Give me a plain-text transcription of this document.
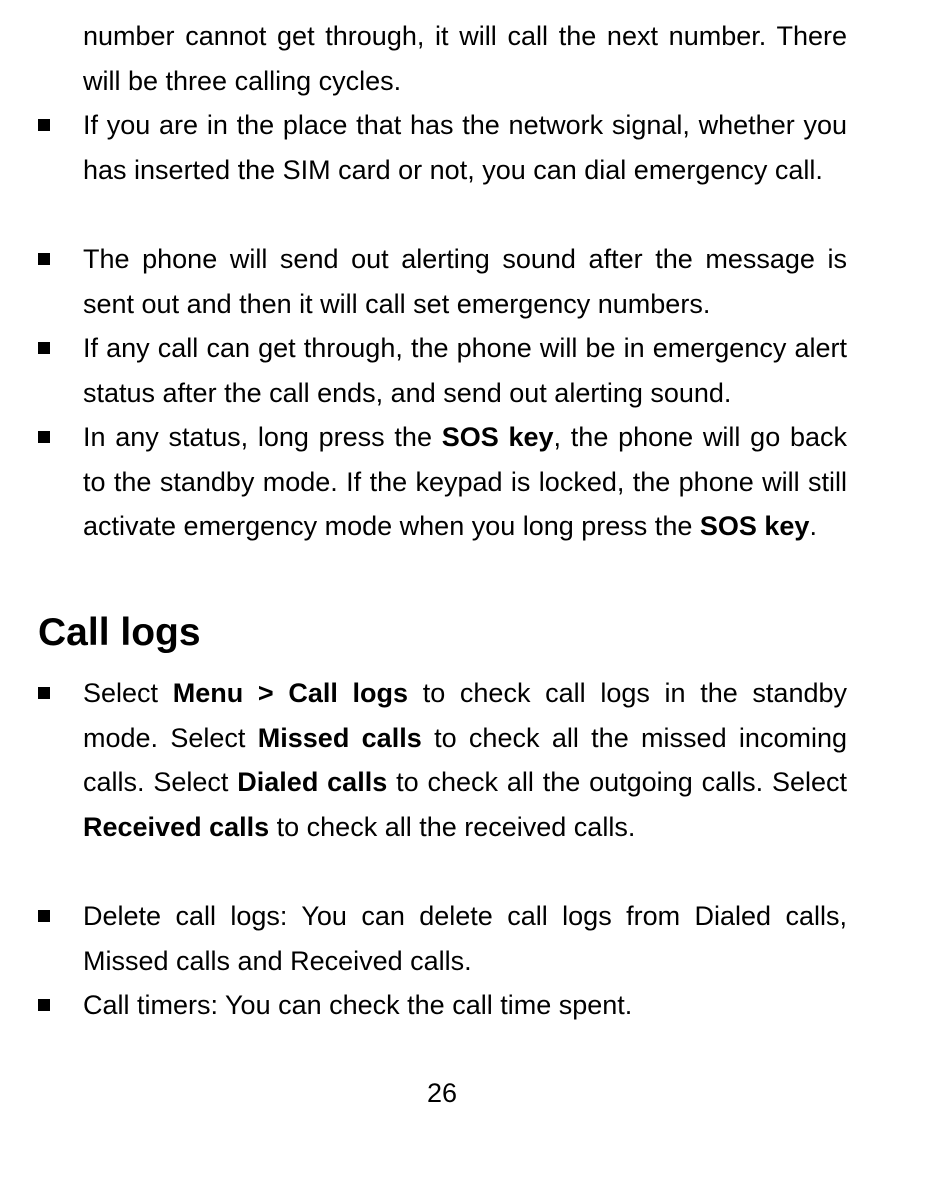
number cannot get through, it will call the next number. There will be three calling cycles.
If you are in the place that has the network signal, whether you has inserted the SIM card or not, you can dial emergency call.
The phone will send out alerting sound after the message is sent out and then it will call set emergency numbers.
If any call can get through, the phone will be in emergency alert status after the call ends, and send out alerting sound.
In any status, long press the SOS key, the phone will go back to the standby mode. If the keypad is locked, the phone will still activate emergency mode when you long press the SOS key.
Call logs
Select Menu > Call logs to check call logs in the standby mode. Select Missed calls to check all the missed incoming calls. Select Dialed calls to check all the outgoing calls. Select Received calls to check all the received calls.
Delete call logs: You can delete call logs from Dialed calls, Missed calls and Received calls.
Call timers: You can check the call time spent.
26
